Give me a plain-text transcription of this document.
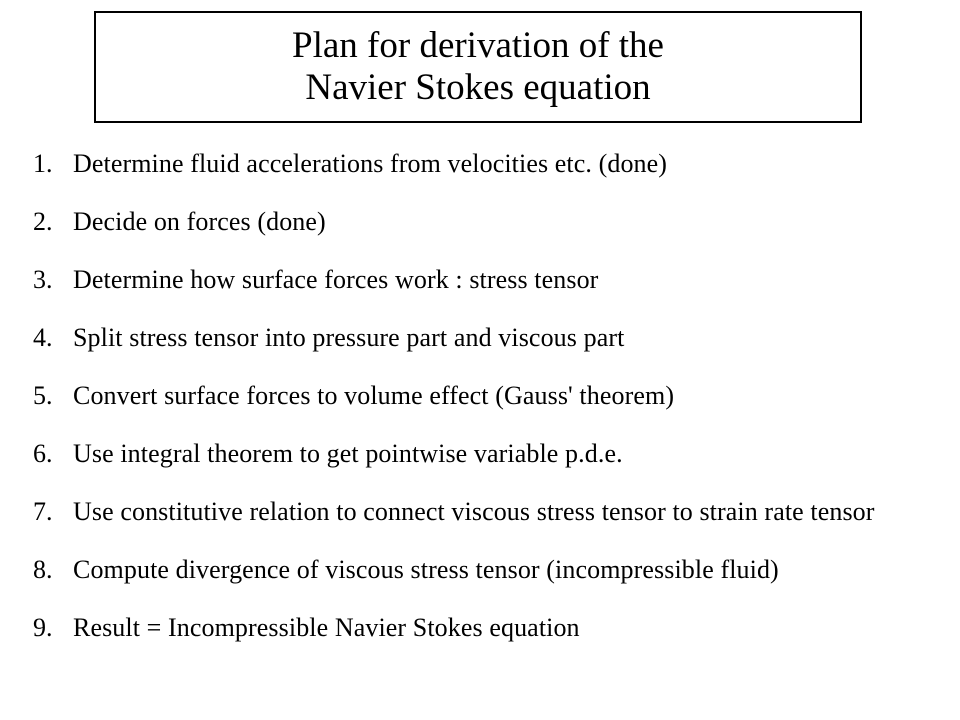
Plan for derivation of the
Navier Stokes equation
1. Determine fluid accelerations from velocities etc. (done)
2. Decide on forces (done)
3. Determine how surface forces work : stress tensor
4. Split stress tensor into pressure part and viscous part
5. Convert surface forces to volume effect (Gauss' theorem)
6. Use integral theorem to get pointwise variable p.d.e.
7. Use constitutive relation to connect viscous stress tensor to strain rate tensor
8. Compute divergence of viscous stress tensor (incompressible fluid)
9. Result = Incompressible Navier Stokes equation
